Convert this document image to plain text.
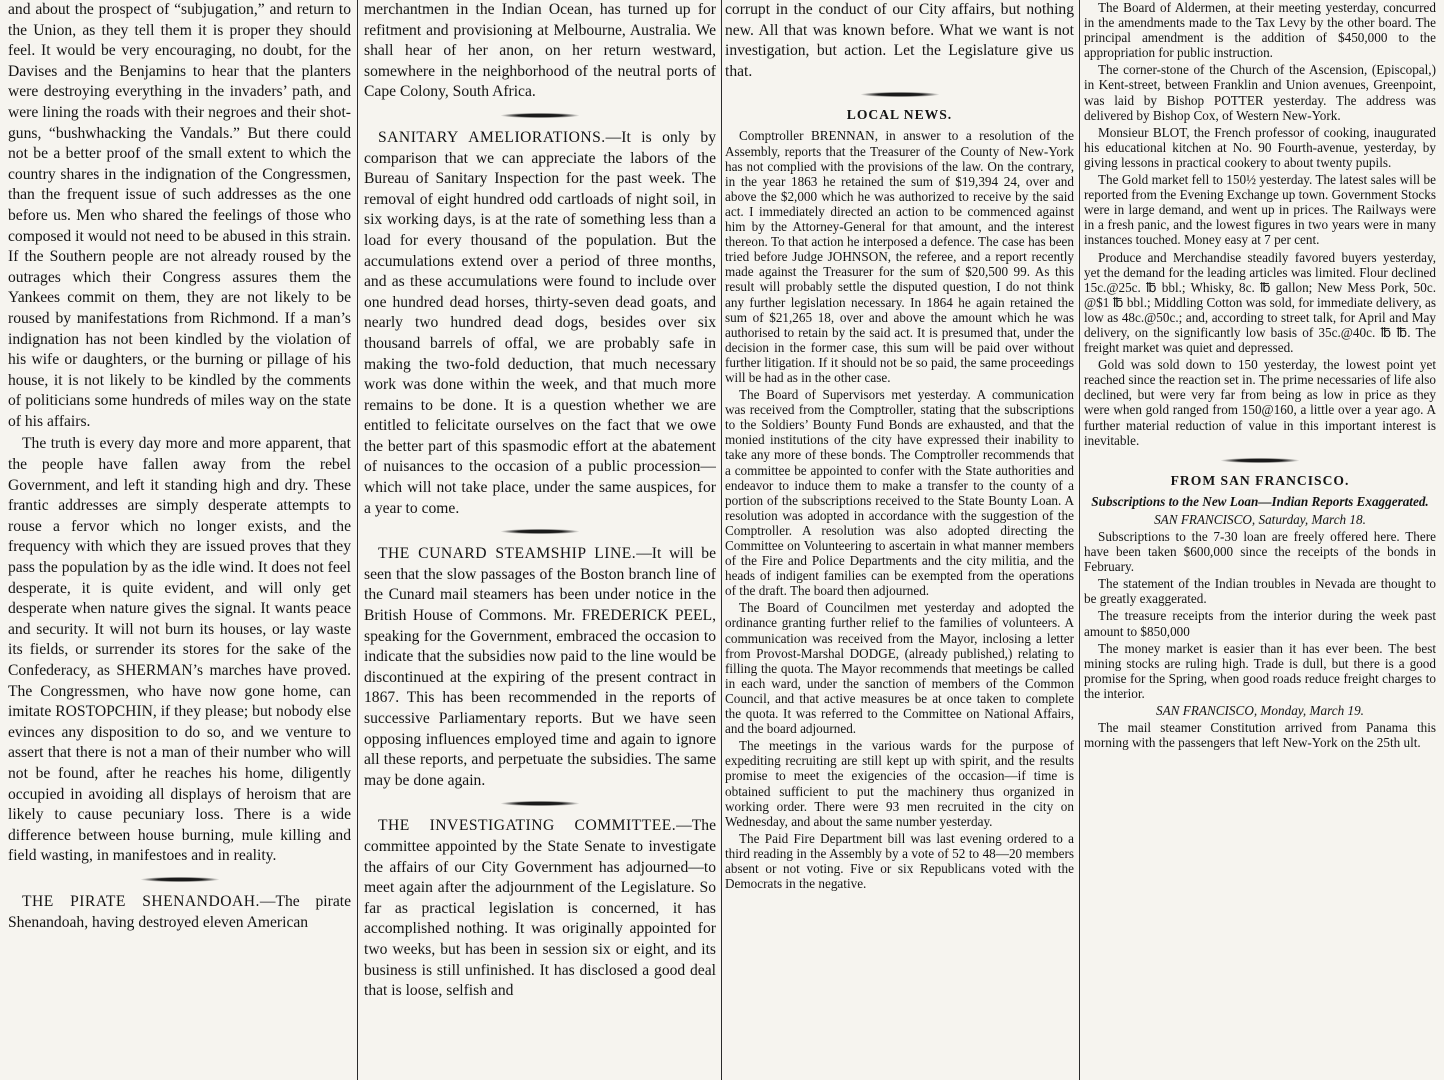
and about the prospect of “subjugation,” and return to the Union, as they tell them it is proper they should feel. It would be very encouraging, no doubt, for the Davises and the Benjamins to hear that the planters were destroying everything in the invaders’ path, and were lining the roads with their negroes and their shot-guns, “bushwhacking the Vandals.” But there could not be a better proof of the small extent to which the country shares in the indignation of the Congressmen, than the frequent issue of such addresses as the one before us. Men who shared the feelings of those who composed it would not need to be abused in this strain. If the Southern people are not already roused by the outrages which their Congress assures them the Yankees commit on them, they are not likely to be roused by manifestations from Richmond. If a man’s indignation has not been kindled by the violation of his wife or daughters, or the burning or pillage of his house, it is not likely to be kindled by the comments of politicians some hundreds of miles way on the state of his affairs.

The truth is every day more and more apparent, that the people have fallen away from the rebel Government, and left it standing high and dry. These frantic addresses are simply desperate attempts to rouse a fervor which no longer exists, and the frequency with which they are issued proves that they pass the population by as the idle wind. It does not feel desperate, it is quite evident, and will only get desperate when nature gives the signal. It wants peace and security. It will not burn its houses, or lay waste its fields, or surrender its stores for the sake of the Confederacy, as SHERMAN’s marches have proved. The Congressmen, who have now gone home, can imitate ROSTOPCHIN, if they please; but nobody else evinces any disposition to do so, and we venture to assert that there is not a man of their number who will not be found, after he reaches his home, diligently occupied in avoiding all displays of heroism that are likely to cause pecuniary loss. There is a wide difference between house burning, mule killing and field wasting, in manifestoes and in reality.

THE PIRATE SHENANDOAH.—The pirate Shenandoah, having destroyed eleven American

merchantmen in the Indian Ocean, has turned up for refitment and provisioning at Melbourne, Australia. We shall hear of her anon, on her return westward, somewhere in the neighborhood of the neutral ports of Cape Colony, South Africa.

SANITARY AMELIORATIONS.—It is only by comparison that we can appreciate the labors of the Bureau of Sanitary Inspection for the past week. The removal of eight hundred odd cartloads of night soil, in six working days, is at the rate of something less than a load for every thousand of the population. But the accumulations extend over a period of three months, and as these accumulations were found to include over one hundred dead horses, thirty-seven dead goats, and nearly two hundred dead dogs, besides over six thousand barrels of offal, we are probably safe in making the two-fold deduction, that much necessary work was done within the week, and that much more remains to be done. It is a question whether we are entitled to felicitate ourselves on the fact that we owe the better part of this spasmodic effort at the abatement of nuisances to the occasion of a public procession—which will not take place, under the same auspices, for a year to come.

THE CUNARD STEAMSHIP LINE.—It will be seen that the slow passages of the Boston branch line of the Cunard mail steamers has been under notice in the British House of Commons. Mr. FREDERICK PEEL, speaking for the Government, embraced the occasion to indicate that the subsidies now paid to the line would be discontinued at the expiring of the present contract in 1867. This has been recommended in the reports of successive Parliamentary reports. But we have seen opposing influences employed time and again to ignore all these reports, and perpetuate the subsidies. The same may be done again.

THE INVESTIGATING COMMITTEE.—The committee appointed by the State Senate to investigate the affairs of our City Government has adjourned—to meet again after the adjournment of the Legislature. So far as practical legislation is concerned, it has accomplished nothing. It was originally appointed for two weeks, but has been in session six or eight, and its business is still unfinished. It has disclosed a good deal that is loose, selfish and

corrupt in the conduct of our City affairs, but nothing new. All that was known before. What we want is not investigation, but action. Let the Legislature give us that.

LOCAL NEWS.

Comptroller BRENNAN, in answer to a resolution of the Assembly, reports that the Treasurer of the County of New-York has not complied with the provisions of the law. On the contrary, in the year 1863 he retained the sum of $19,394 24, over and above the $2,000 which he was authorized to receive by the said act. I immediately directed an action to be commenced against him by the Attorney-General for that amount, and the interest thereon. To that action he interposed a defence. The case has been tried before Judge JOHNSON, the referee, and a report recently made against the Treasurer for the sum of $20,500 99. As this result will probably settle the disputed question, I do not think any further legislation necessary. In 1864 he again retained the sum of $21,265 18, over and above the amount which he was authorised to retain by the said act. It is presumed that, under the decision in the former case, this sum will be paid over without further litigation. If it should not be so paid, the same proceedings will be had as in the other case.

The Board of Supervisors met yesterday. A communication was received from the Comptroller, stating that the subscriptions to the Soldiers’ Bounty Fund Bonds are exhausted, and that the monied institutions of the city have expressed their inability to take any more of these bonds. The Comptroller recommends that a committee be appointed to confer with the State authorities and endeavor to induce them to make a transfer to the county of a portion of the subscriptions received to the State Bounty Loan. A resolution was adopted in accordance with the suggestion of the Comptroller. A resolution was also adopted directing the Committee on Volunteering to ascertain in what manner members of the Fire and Police Departments and the city militia, and the heads of indigent families can be exempted from the operations of the draft. The board then adjourned.

The Board of Councilmen met yesterday and adopted the ordinance granting further relief to the families of volunteers. A communication was received from the Mayor, inclosing a letter from Provost-Marshal DODGE, (already published,) relating to filling the quota. The Mayor recommends that meetings be called in each ward, under the sanction of members of the Common Council, and that active measures be at once taken to complete the quota. It was referred to the Committee on National Affairs, and the board adjourned.

The meetings in the various wards for the purpose of expediting recruiting are still kept up with spirit, and the results promise to meet the exigencies of the occasion—if time is obtained sufficient to put the machinery thus organized in working order. There were 93 men recruited in the city on Wednesday, and about the same number yesterday.

The Paid Fire Department bill was last evening ordered to a third reading in the Assembly by a vote of 52 to 48—20 members absent or not voting. Five or six Republicans voted with the Democrats in the negative.

The Board of Aldermen, at their meeting yesterday, concurred in the amendments made to the Tax Levy by the other board. The principal amendment is the addition of $450,000 to the appropriation for public instruction.

The corner-stone of the Church of the Ascension, (Episcopal,) in Kent-street, between Franklin and Union avenues, Greenpoint, was laid by Bishop POTTER yesterday. The address was delivered by Bishop Cox, of Western New-York.

Monsieur BLOT, the French professor of cooking, inaugurated his educational kitchen at No. 90 Fourth-avenue, yesterday, by giving lessons in practical cookery to about twenty pupils.

The Gold market fell to 150½ yesterday. The latest sales will be reported from the Evening Exchange up town. Government Stocks were in large demand, and went up in prices. The Railways were in a fresh panic, and the lowest figures in two years were in many instances touched. Money easy at 7 per cent.

Produce and Merchandise steadily favored buyers yesterday, yet the demand for the leading articles was limited. Flour declined 15c.@25c. ℔ bbl.; Whisky, 8c. ℔ gallon; New Mess Pork, 50c. @$1 ℔ bbl.; Middling Cotton was sold, for immediate delivery, as low as 48c.@50c.; and, according to street talk, for April and May delivery, on the significantly low basis of 35c.@40c. ℔ ℔. The freight market was quiet and depressed.

Gold was sold down to 150 yesterday, the lowest point yet reached since the reaction set in. The prime necessaries of life also declined, but were very far from being as low in price as they were when gold ranged from 150@160, a little over a year ago. A further material reduction of value in this important interest is inevitable.

FROM SAN FRANCISCO.
Subscriptions to the New Loan—Indian Reports Exaggerated.
SAN FRANCISCO, Saturday, March 18.

Subscriptions to the 7-30 loan are freely offered here. There have been taken $600,000 since the receipts of the bonds in February.

The statement of the Indian troubles in Nevada are thought to be greatly exaggerated.

The treasure receipts from the interior during the week past amount to $850,000

The money market is easier than it has ever been. The best mining stocks are ruling high. Trade is dull, but there is a good promise for the Spring, when good roads reduce freight charges to the interior.

SAN FRANCISCO, Monday, March 19.

The mail steamer Constitution arrived from Panama this morning with the passengers that left New-York on the 25th ult.
